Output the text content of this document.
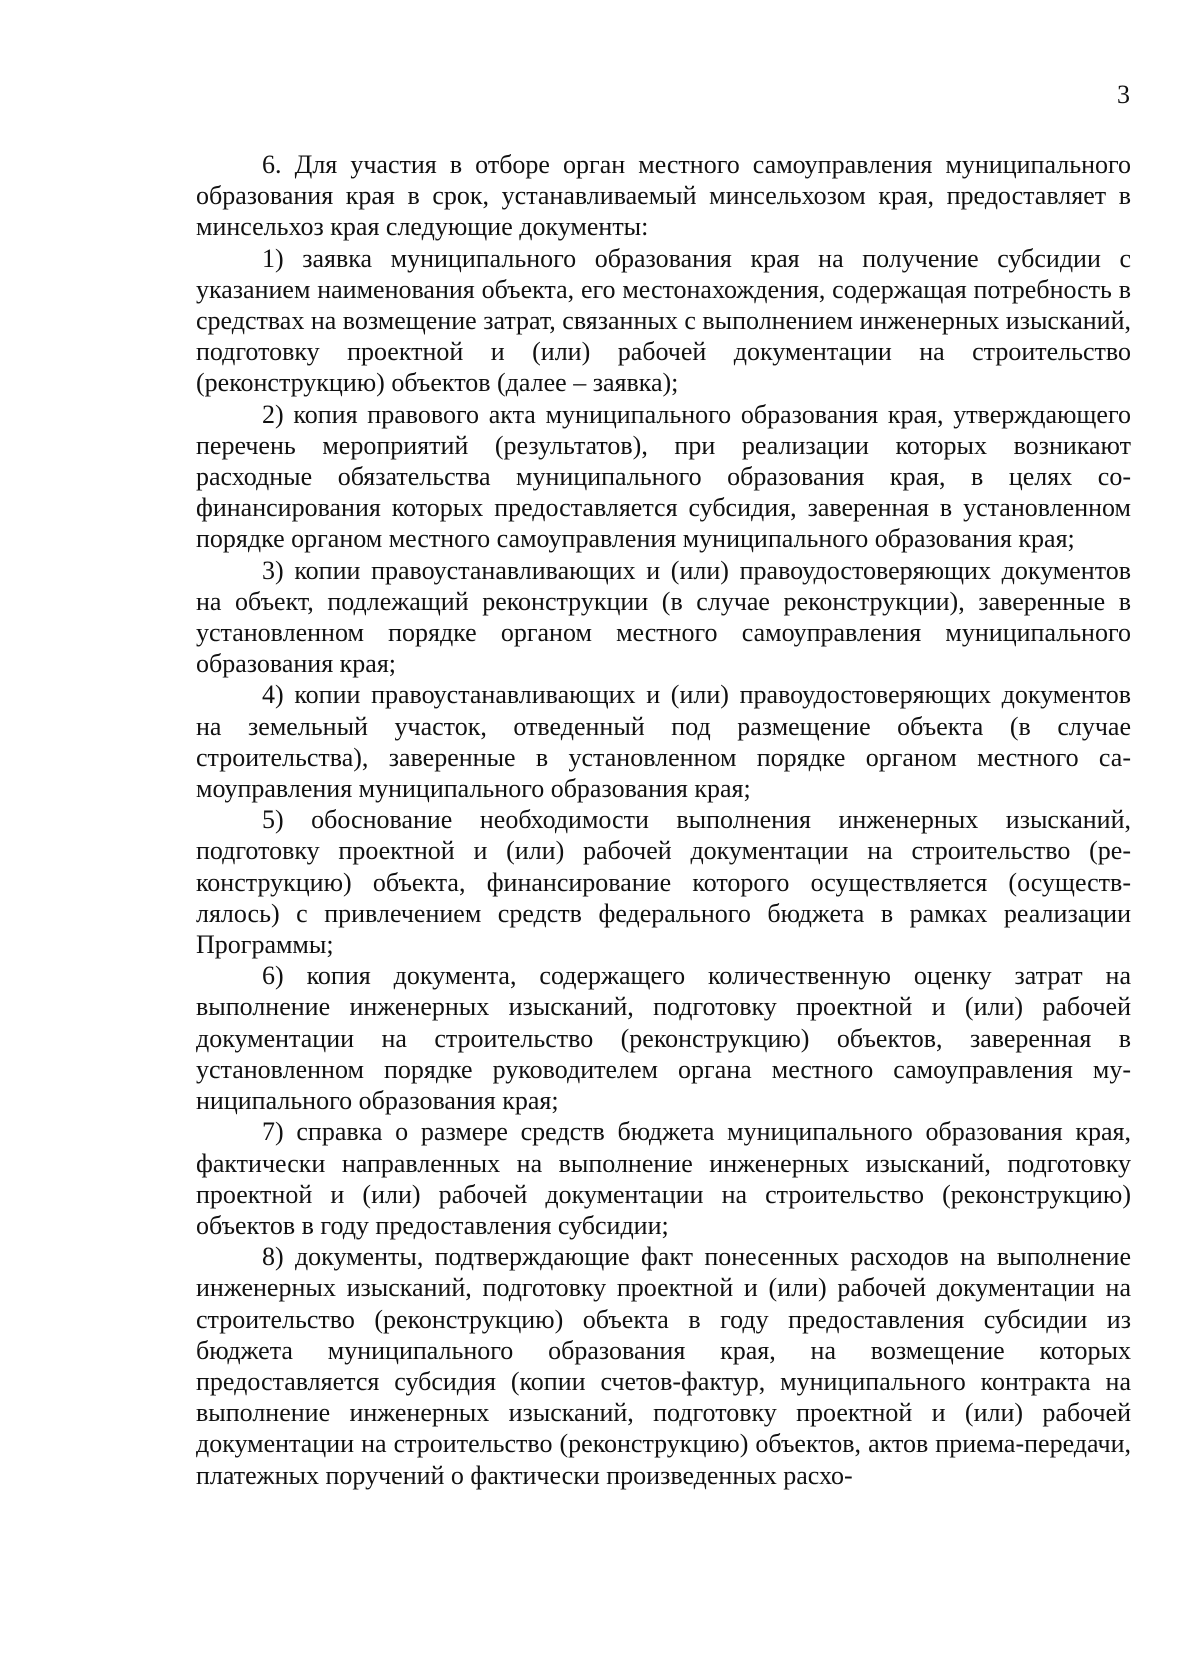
3

6. Для участия в отборе орган местного самоуправления муниципального образования края в срок, устанавливаемый минсельхозом края, предоставляет в минсельхоз края следующие документы:

1) заявка муниципального образования края на получение субсидии с указанием наименования объекта, его местонахождения, содержащая потребность в средствах на возмещение затрат, связанных с выполнением инженерных изысканий, подготовку проектной и (или) рабочей документации на строительство (реконструкцию) объектов (далее – заявка);

2) копия правового акта муниципального образования края, утверждающего перечень мероприятий (результатов), при реализации которых возникают расходные обязательства муниципального образования края, в целях софинансирования которых предоставляется субсидия, заверенная в установленном порядке органом местного самоуправления муниципального образования края;

3) копии правоустанавливающих и (или) правоудостоверяющих документов на объект, подлежащий реконструкции (в случае реконструкции), заверенные в установленном порядке органом местного самоуправления муниципального образования края;

4) копии правоустанавливающих и (или) правоудостоверяющих документов на земельный участок, отведенный под размещение объекта (в случае строительства), заверенные в установленном порядке органом местного самоуправления муниципального образования края;

5) обоснование необходимости выполнения инженерных изысканий, подготовку проектной и (или) рабочей документации на строительство (реконструкцию) объекта, финансирование которого осуществляется (осуществлялось) с привлечением средств федерального бюджета в рамках реализации Программы;

6) копия документа, содержащего количественную оценку затрат на выполнение инженерных изысканий, подготовку проектной и (или) рабочей документации на строительство (реконструкцию) объектов, заверенная в установленном порядке руководителем органа местного самоуправления муниципального образования края;

7) справка о размере средств бюджета муниципального образования края, фактически направленных на выполнение инженерных изысканий, подготовку проектной и (или) рабочей документации на строительство (реконструкцию) объектов в году предоставления субсидии;

8) документы, подтверждающие факт понесенных расходов на выполнение инженерных изысканий, подготовку проектной и (или) рабочей документации на строительство (реконструкцию) объекта в году предоставления субсидии из бюджета муниципального образования края, на возмещение которых предоставляется субсидия (копии счетов-фактур, муниципального контракта на выполнение инженерных изысканий, подготовку проектной и (или) рабочей документации на строительство (реконструкцию) объектов, актов приема-передачи, платежных поручений о фактически произведенных расхо-
